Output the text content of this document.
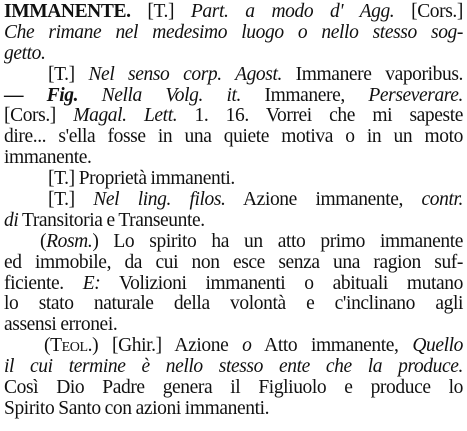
IMMANENTE. [T.] Part. a modo d' Agg. [Cors.]
Che rimane nel medesimo luogo o nello stesso sog-
getto.
[T.] Nel senso corp. Agost. Immanere vaporibus.
— Fig. Nella Volg. it. Immanere, Perseverare.
[Cors.] Magal. Lett. 1. 16. Vorrei che mi sapeste
dire... s'ella fosse in una quiete motiva o in un moto
immanente.
[T.] Proprietà immanenti.
[T.] Nel ling. filos. Azione immanente, contr.
di Transitoria e Transeunte.
(Rosm.) Lo spirito ha un atto primo immanente
ed immobile, da cui non esce senza una ragion suf-
ficiente. E: Volizioni immanenti o abituali mutano
lo stato naturale della volontà e c'inclinano agli
assensi erronei.
(Teol.) [Ghir.] Azione o Atto immanente, Quello
il cui termine è nello stesso ente che la produce.
Così Dio Padre genera il Figliuolo e produce lo
Spirito Santo con azioni immanenti.
